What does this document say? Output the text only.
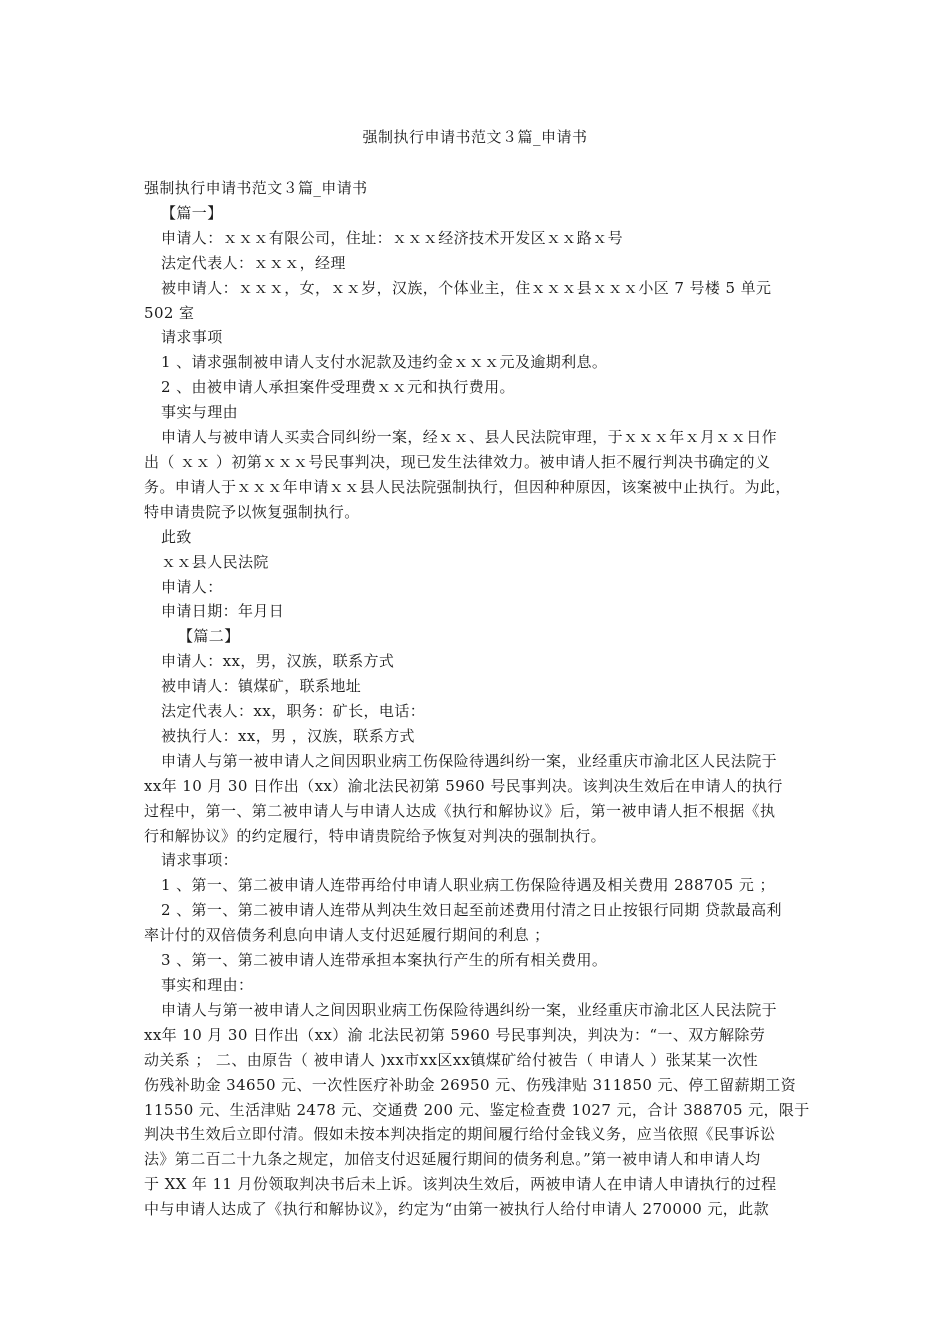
强制执行申请书范文３篇_申请书

强制执行申请书范文３篇_申请书

【篇一】

申请人：ｘｘｘ有限公司，住址：ｘｘｘ经济技术开发区ｘｘ路ｘ号

法定代表人：ｘｘｘ，经理

被申请人：ｘｘｘ，女，ｘｘ岁，汉族，个体业主，住ｘｘｘ县ｘｘｘ小区 7 号楼 5 单元

502 室

请求事项

1 、请求强制被申请人支付水泥款及违约金ｘｘｘ元及逾期利息。

2 、由被申请人承担案件受理费ｘｘ元和执行费用。

事实与理由

申请人与被申请人买卖合同纠纷一案，经ｘｘ、县人民法院审理，于ｘｘｘ年ｘ月ｘｘ日作

出（ ｘｘ ）初第ｘｘｘ号民事判决，现已发生法律效力。被申请人拒不履行判决书确定的义

务。申请人于ｘｘｘ年申请ｘｘ县人民法院强制执行，但因种种原因，该案被中止执行。为此，

特申请贵院予以恢复强制执行。

此致

ｘｘ县人民法院

申请人：

申请日期：年月日

【篇二】

申请人：xx，男，汉族，联系方式

被申请人：镇煤矿，联系地址

法定代表人：xx，职务：矿长，电话：

被执行人：xx，男 ，汉族，联系方式

申请人与第一被申请人之间因职业病工伤保险待遇纠纷一案，业经重庆市渝北区人民法院于

xx年 10 月 30 日作出（xx）渝北法民初第 5960 号民事判决。该判决生效后在申请人的执行

过程中，第一、第二被申请人与申请人达成《执行和解协议》后，第一被申请人拒不根据《执

行和解协议》的约定履行，特申请贵院给予恢复对判决的强制执行。

请求事项：

1 、第一、第二被申请人连带再给付申请人职业病工伤保险待遇及相关费用 288705 元 ；

2 、第一、第二被申请人连带从判决生效日起至前述费用付清之日止按银行同期 贷款最高利

率计付的双倍债务利息向申请人支付迟延履行期间的利息 ；

3 、第一、第二被申请人连带承担本案执行产生的所有相关费用。

事实和理由：

申请人与第一被申请人之间因职业病工伤保险待遇纠纷一案，业经重庆市渝北区人民法院于

xx年 10 月 30 日作出（xx）渝 北法民初第 5960 号民事判决，判决为：“一、双方解除劳

动关系 ； 二、由原告（ 被申请人 )xx市xx区xx镇煤矿给付被告（ 申请人 ）张某某一次性

伤残补助金 34650 元、一次性医疗补助金 26950 元、伤残津贴 311850 元、停工留薪期工资

11550 元、生活津贴 2478 元、交通费 200 元、鉴定检查费 1027 元，合计 388705 元，限于

判决书生效后立即付清。假如未按本判决指定的期间履行给付金钱义务，应当依照《民事诉讼

法》第二百二十九条之规定，加倍支付迟延履行期间的债务利息。”第一被申请人和申请人均

于 XX 年 11 月份领取判决书后未上诉。该判决生效后，两被申请人在申请人申请执行的过程

中与申请人达成了《执行和解协议》，约定为“由第一被执行人给付申请人 270000 元，此款
